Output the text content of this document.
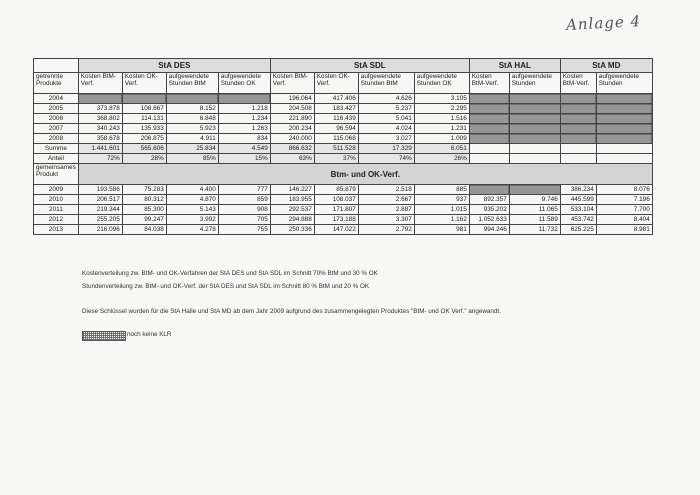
Anlage 4
	StA DES				StA SDL				StA HAL		StA MD	
getrennte Produkte	Kosten BtM-Verf.	Kosten OK-Verf.	aufgewendete Stunden BtM	aufgewendete Stunden OK	Kosten BtM-Verf.	Kosten OK-Verf.	aufgewendete Stunden BtM	aufgewendete Stunden OK	Kosten BtM-Verf.	aufgewendete Stunden	Kosten BtM-Verf.	aufgewendete Stunden
2004					196.064	417.406	4.626	3.105				
2005	373.878	108.667	8.152	1.218	204.508	183.427	5.237	2.295				
2006	368.802	114.131	6.848	1.234	221.890	116.439	5.041	1.516				
2007	340.243	135.933	5.923	1.263	200.234	96.594	4.024	1.231				
2008	358.678	206.875	4.911	834	240.000	115.068	3.027	1.009				
Summe	1.441.601	565.606	25.834	4.549	866.632	511.528	17.329	6.051				
Anteil	72%	28%	85%	15%	63%	37%	74%	26%				
gemeinsames Produkt	Btm- und OK-Verf.											
2009	193.586	75.283	4.400	777	146.227	85.879	2.518	885			386.234	8.076
2010	206.517	80.312	4.870	859	183.955	108.037	2.667	937	892.357	9.746	445.599	7.196
2011	219.344	85.300	5.143	908	292.537	171.807	2.887	1.015	935.202	11.065	533.104	7.700
2012	255.205	99.247	3.992	705	294.888	173.188	3.307	1.162	1.052.633	11.589	453.742	8.404
2013	216.096	84.038	4.278	755	250.336	147.022	2.792	981	994.246	11.732	625.225	8.981
Kostenverteilung zw. BtM- und OK-Verfahren der StA DES und StA SDL im Schnitt 70% BtM und 30 % OK
Stundenverteilung zw. BtM- und OK-Verf. der StA DES und StA SDL im Schnitt 80 % BtM und 20 % OK
Diese Schlüssel wurden für die StA Halle und StA MD ab dem Jahr 2009 aufgrund des zusammengelegten Produktes "BtM- und OK Verf." angewandt.
noch keine KLR
